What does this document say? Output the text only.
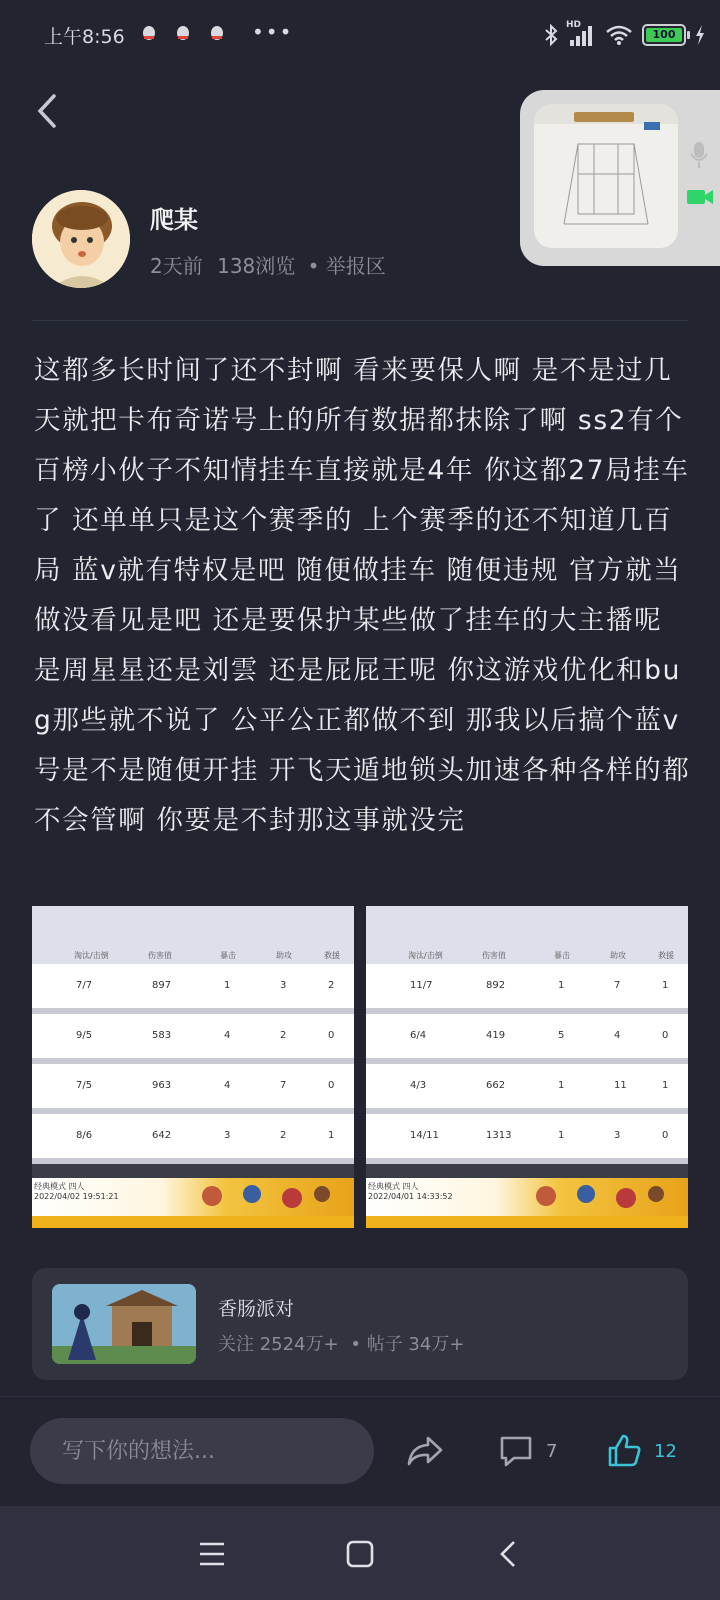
上午8:56	•••	HD
100
爬某
2天前 138浏览 • 举报区
这都多长时间了还不封啊 看来要保人啊 是不是过几天就把卡布奇诺号上的所有数据都抹除了啊 ss2有个百榜小伙子不知情挂车直接就是4年 你这都27局挂车了 还单单只是这个赛季的 上个赛季的还不知道几百局 蓝v就有特权是吧 随便做挂车 随便违规 官方就当做没看见是吧 还是要保护某些做了挂车的大主播呢 是周星星还是刘雲 还是屁屁王呢 你这游戏优化和bug那些就不说了 公平公正都做不到 那我以后搞个蓝v号是不是随便开挂 开飞天遁地锁头加速各种各样的都不会管啊 你要是不封那这事就没完
淘汰/击倒	伤害值	暴击	助攻	救援
7/7	897	1	3	2
9/5	583	4	2	0
7/5	963	4	7	0
8/6	642	3	2	1
经典模式 四人
2022/04/02 19:51:21
淘汰/击倒	伤害值	暴击	助攻	救援
11/7	892	1	7	1
6/4	419	5	4	0
4/3	662	1	11	1
14/11	1313	1	3	0
经典模式 四人
2022/04/01 14:33:52
香肠派对
关注 2524万+ • 帖子 34万+
写下你的想法...
7	12
